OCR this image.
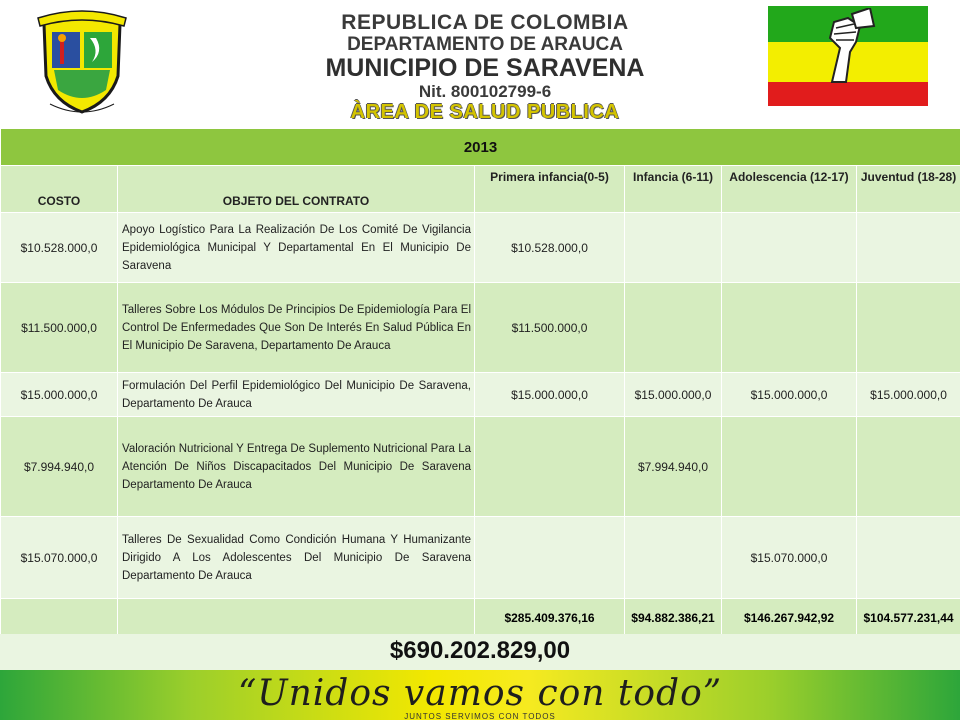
REPUBLICA DE COLOMBIA
DEPARTAMENTO DE ARAUCA
MUNICIPIO DE SARAVENA
Nit. 800102799-6
ÀREA DE SALUD PUBLICA
2013					
COSTO	OBJETO DEL CONTRATO	Primera infancia(0-5)	Infancia (6-11)	Adolescencia (12-17)	Juventud (18-28)
$10.528.000,0	Apoyo Logístico Para La Realización De Los Comité De Vigilancia Epidemiológica Municipal Y Departamental En El Municipio De Saravena	$10.528.000,0			
$11.500.000,0	Talleres Sobre Los Módulos De Principios De Epidemiología Para El Control De Enfermedades Que Son De Interés En Salud Pública En El Municipio De Saravena, Departamento De Arauca	$11.500.000,0			
$15.000.000,0	Formulación Del Perfil Epidemiológico Del Municipio De Saravena, Departamento De Arauca	$15.000.000,0	$15.000.000,0	$15.000.000,0	$15.000.000,0
$7.994.940,0	Valoración Nutricional Y Entrega De Suplemento Nutricional Para La Atención De Niños Discapacitados Del Municipio De Saravena Departamento De Arauca		$7.994.940,0		
$15.070.000,0	Talleres De Sexualidad Como Condición Humana Y Humanizante Dirigido A Los Adolescentes Del Municipio De Saravena Departamento De Arauca			$15.070.000,0	
		$285.409.376,16	$94.882.386,21	$146.267.942,92	$104.577.231,44
$690.202.829,00
“Unidos vamos con todo”
JUNTOS SERVIMOS CON TODOS
